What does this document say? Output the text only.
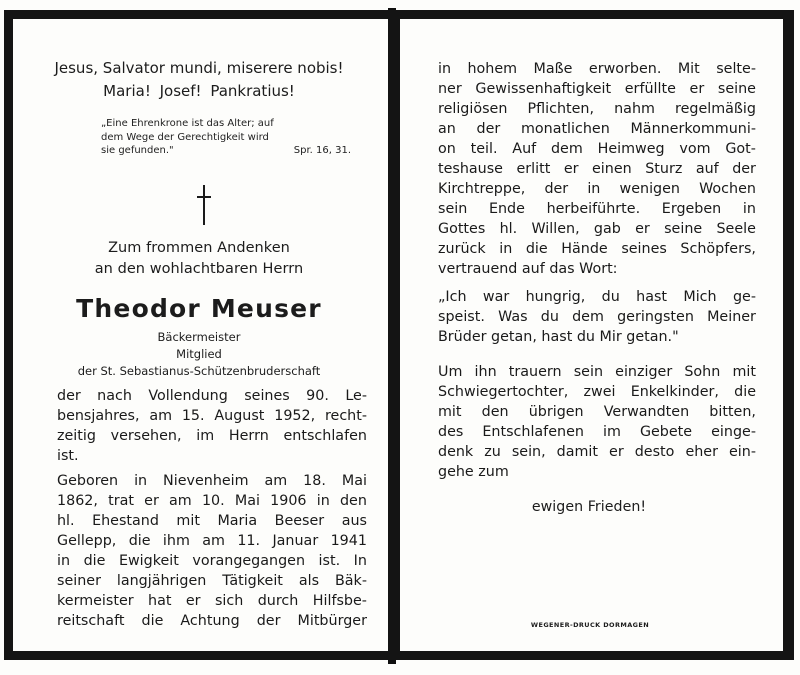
Jesus, Salvator mundi, miserere nobis!
Maria! Josef! Pankratius!
„Eine Ehrenkrone ist das Alter; auf
dem Wege der Gerechtigkeit wird
sie gefunden."	Spr. 16, 31.
Zum frommen Andenken
an den wohlachtbaren Herrn
Theodor Meuser
Bäckermeister
Mitglied
der St. Sebastianus-Schützenbruderschaft
der nach Vollendung seines 90. Le-
bensjahres, am 15. August 1952, recht-
zeitig versehen, im Herrn entschlafen
ist.
Geboren in Nievenheim am 18. Mai
1862, trat er am 10. Mai 1906 in den
hl. Ehestand mit Maria Beeser aus
Gellepp, die ihm am 11. Januar 1941
in die Ewigkeit vorangegangen ist. In
seiner langjährigen Tätigkeit als Bäk-
kermeister hat er sich durch Hilfsbe-
reitschaft die Achtung der Mitbürger
in hohem Maße erworben. Mit selte-
ner Gewissenhaftigkeit erfüllte er seine
religiösen Pflichten, nahm regelmäßig
an der monatlichen Männerkommuni-
on teil. Auf dem Heimweg vom Got-
teshause erlitt er einen Sturz auf der
Kirchtreppe, der in wenigen Wochen
sein Ende herbeiführte. Ergeben in
Gottes hl. Willen, gab er seine Seele
zurück in die Hände seines Schöpfers,
vertrauend auf das Wort:
„Ich war hungrig, du hast Mich ge-
speist. Was du dem geringsten Meiner
Brüder getan, hast du Mir getan."
Um ihn trauern sein einziger Sohn mit
Schwiegertochter, zwei Enkelkinder, die
mit den übrigen Verwandten bitten,
des Entschlafenen im Gebete einge-
denk zu sein, damit er desto eher ein-
gehe zum
ewigen Frieden!
WEGENER-DRUCK DORMAGEN
